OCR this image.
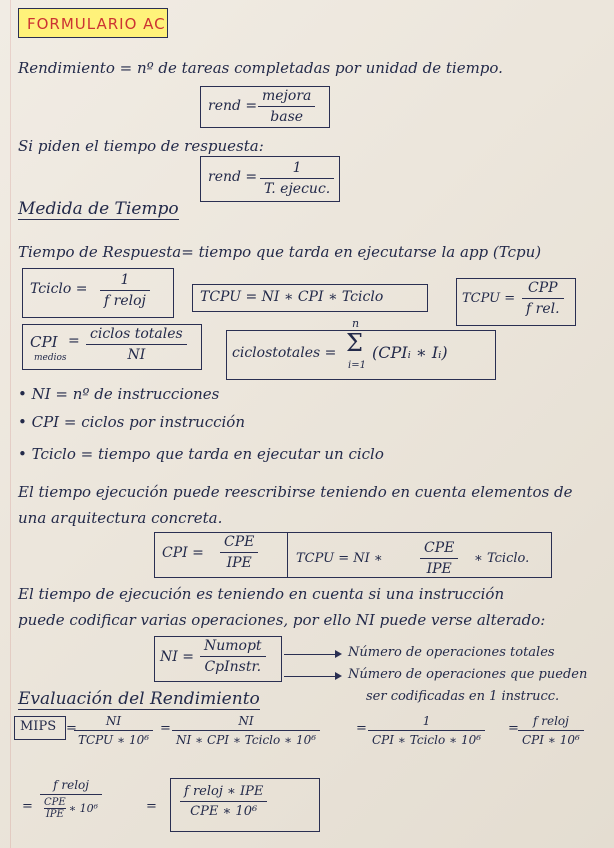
FORMULARIO AC
Rendimiento = nº de tareas completadas por unidad de tiempo.
rend =
mejora
base
Si piden el tiempo de respuesta:
rend =
1
T. ejecuc.
Medida de Tiempo
Tiempo de Respuesta= tiempo que tarda en ejecutarse la app (Tcpu)
Tciclo =
1
f reloj	TCPU = NI ∗ CPI ∗ Tciclo	TCPU =
CPP
f rel.
CPI
medios
= ciclos totales
NI	ciclostotales =
n
Σ
i=1
(CPIᵢ ∗ Iᵢ)
• NI = nº de instrucciones
• CPI = ciclos por instrucción
• Tciclo = tiempo que tarda en ejecutar un ciclo
El tiempo ejecución puede reescribirse teniendo en cuenta elementos de
una arquitectura concreta.
CPI =
CPE
IPE	TCPU = NI ∗
CPE
IPE
∗ Tciclo.
El tiempo de ejecución es teniendo en cuenta si una instrucción
puede codificar varias operaciones, por ello NI puede verse alterado:
NI =
Numopt
CpInstr.
Número de operaciones totales
Número de operaciones que pueden
ser codificadas en 1 instrucc.
Evaluación del Rendimiento
MIPS =	NI
TCPU ∗ 10⁶
=	NI
NI ∗ CPI ∗ Tciclo ∗ 10⁶
=	1
CPI ∗ Tciclo ∗ 10⁶
=	f reloj
CPI ∗ 10⁶
=
f reloj
CPE
IPE ∗ 10⁶	=
f reloj ∗ IPE
CPE ∗ 10⁶
